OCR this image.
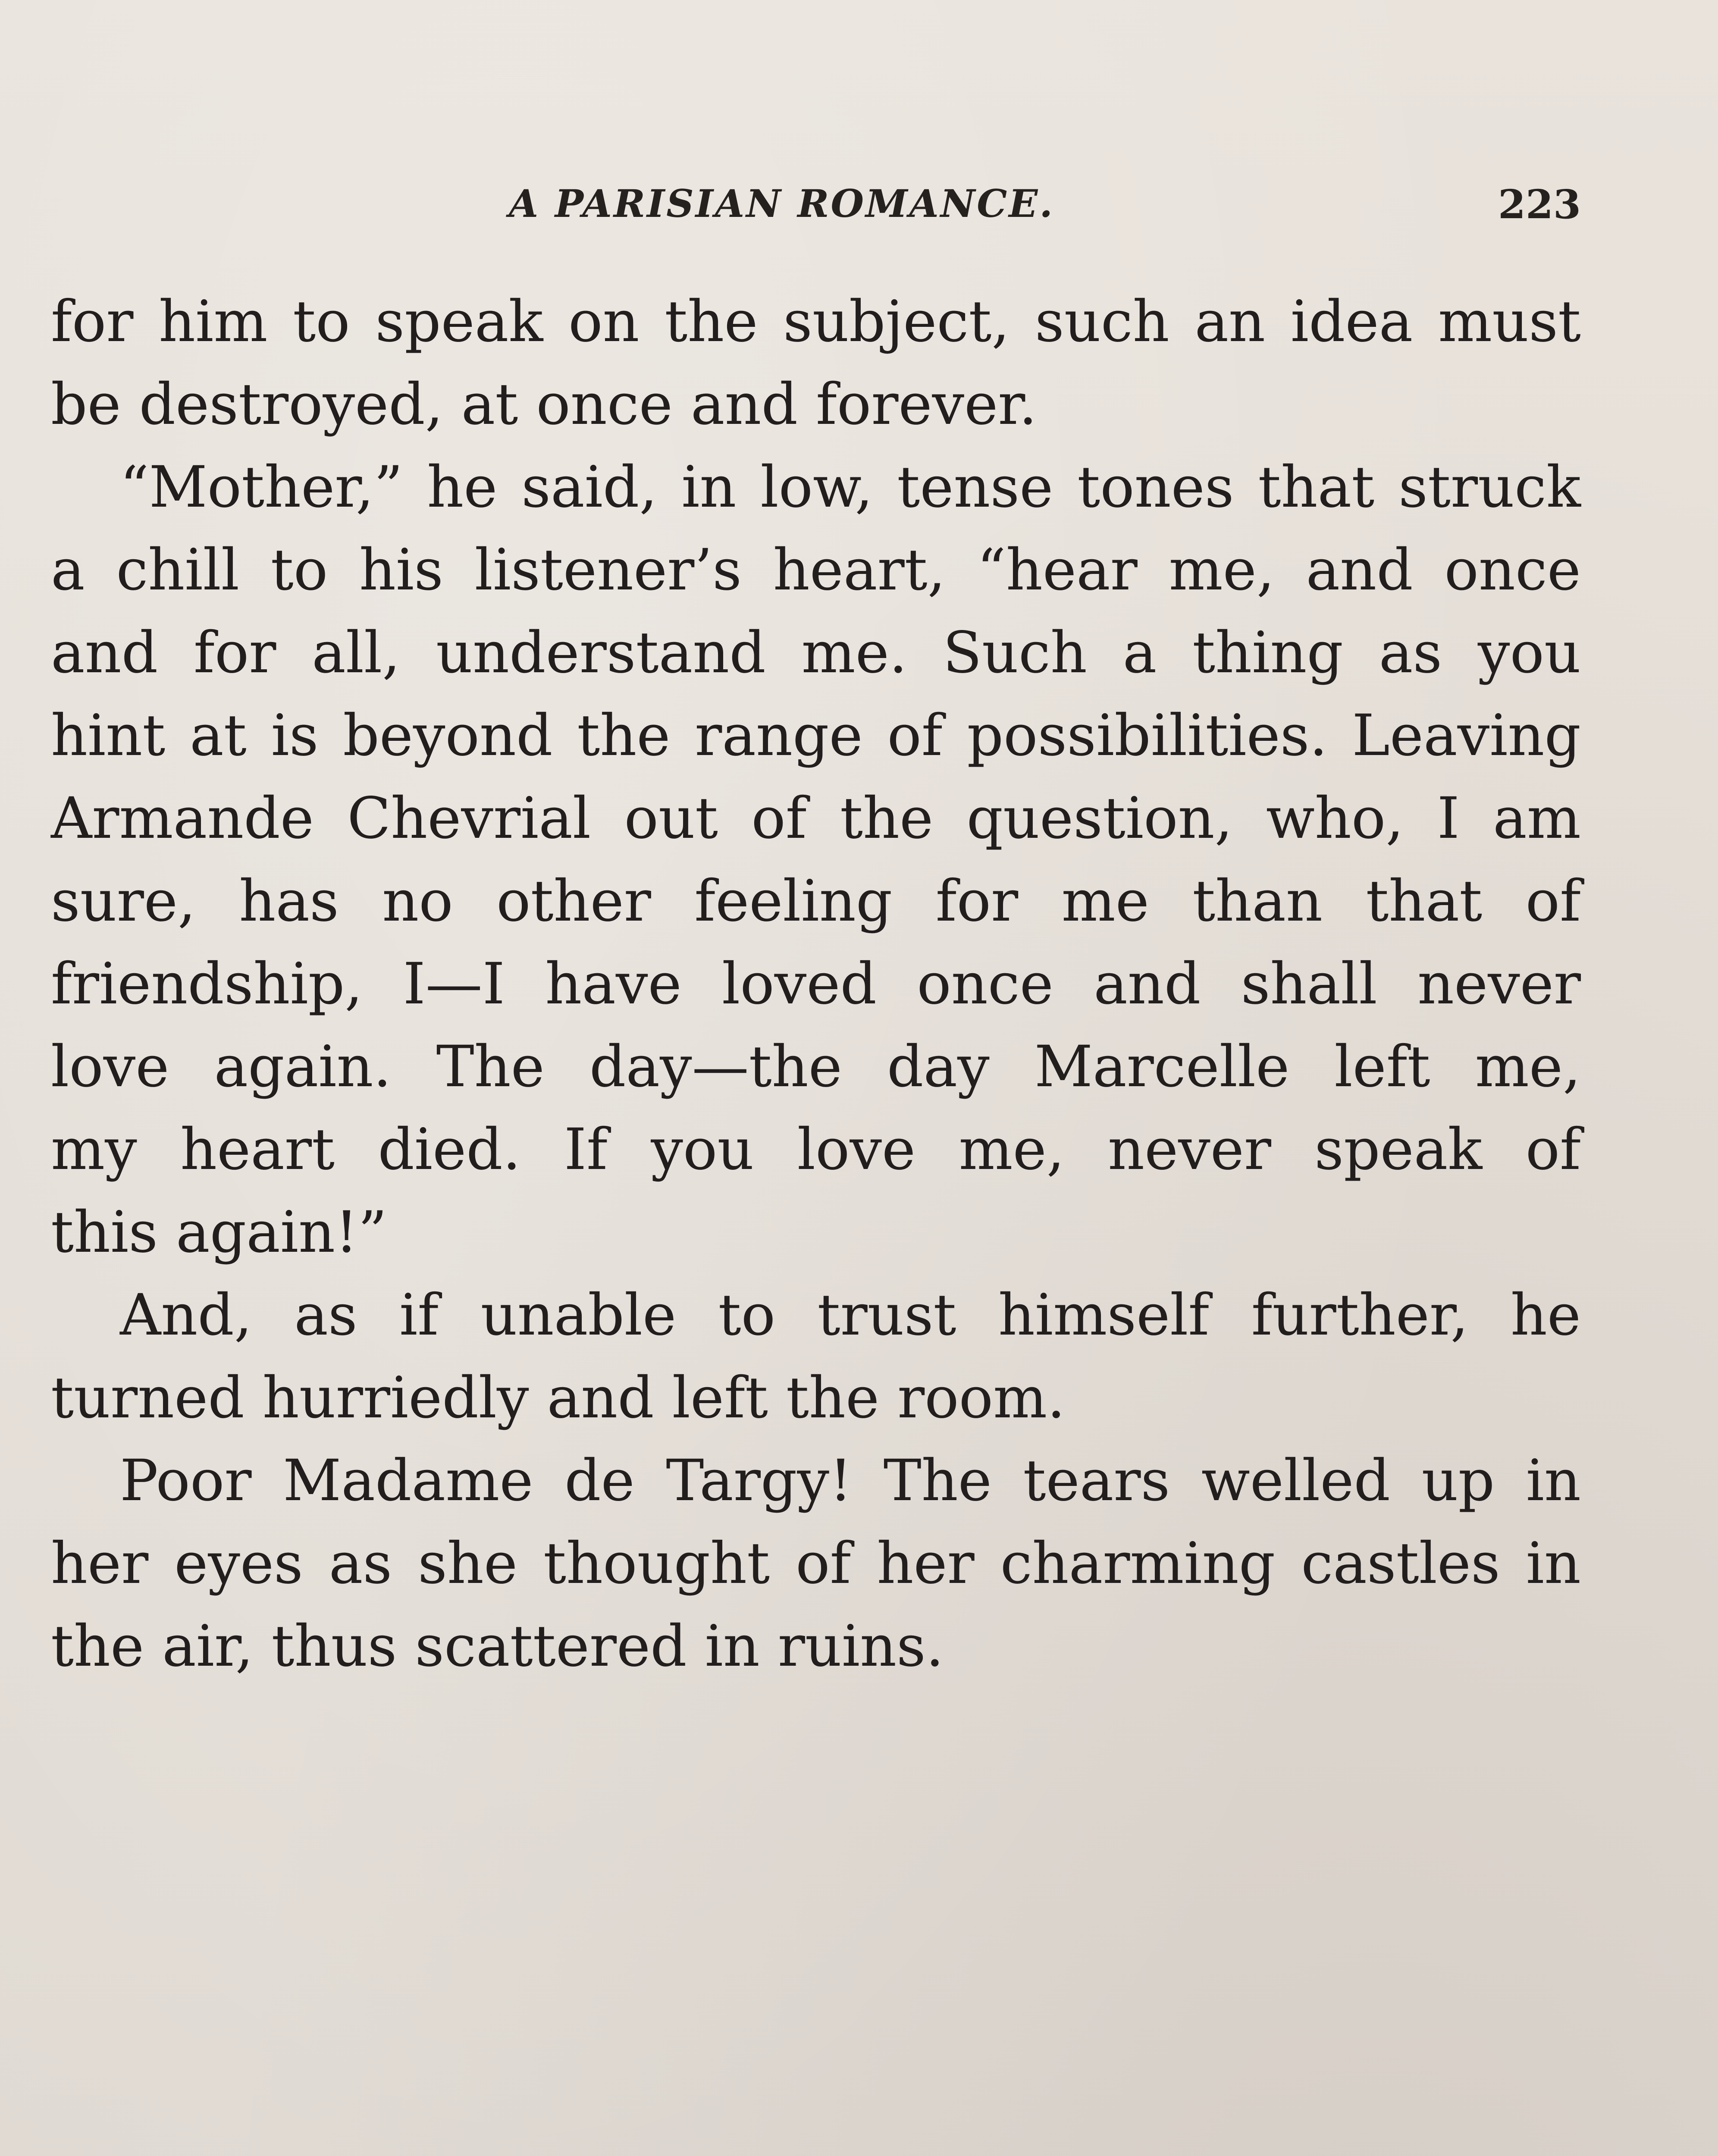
A PARISIAN ROMANCE.	223
for him to speak on the subject, such an idea must
be destroyed, at once and forever.
“Mother,” he said, in low, tense tones that struck
a chill to his listener’s heart, “hear me, and once
and for all, understand me. Such a thing as you
hint at is beyond the range of possibilities. Leaving
Armande Chevrial out of the question, who, I am
sure, has no other feeling for me than that of
friendship, I—I have loved once and shall never
love again. The day—the day Marcelle left me,
my heart died. If you love me, never speak of
this again!”
And, as if unable to trust himself further, he
turned hurriedly and left the room.
Poor Madame de Targy! The tears welled up in
her eyes as she thought of her charming castles in
the air, thus scattered in ruins.
